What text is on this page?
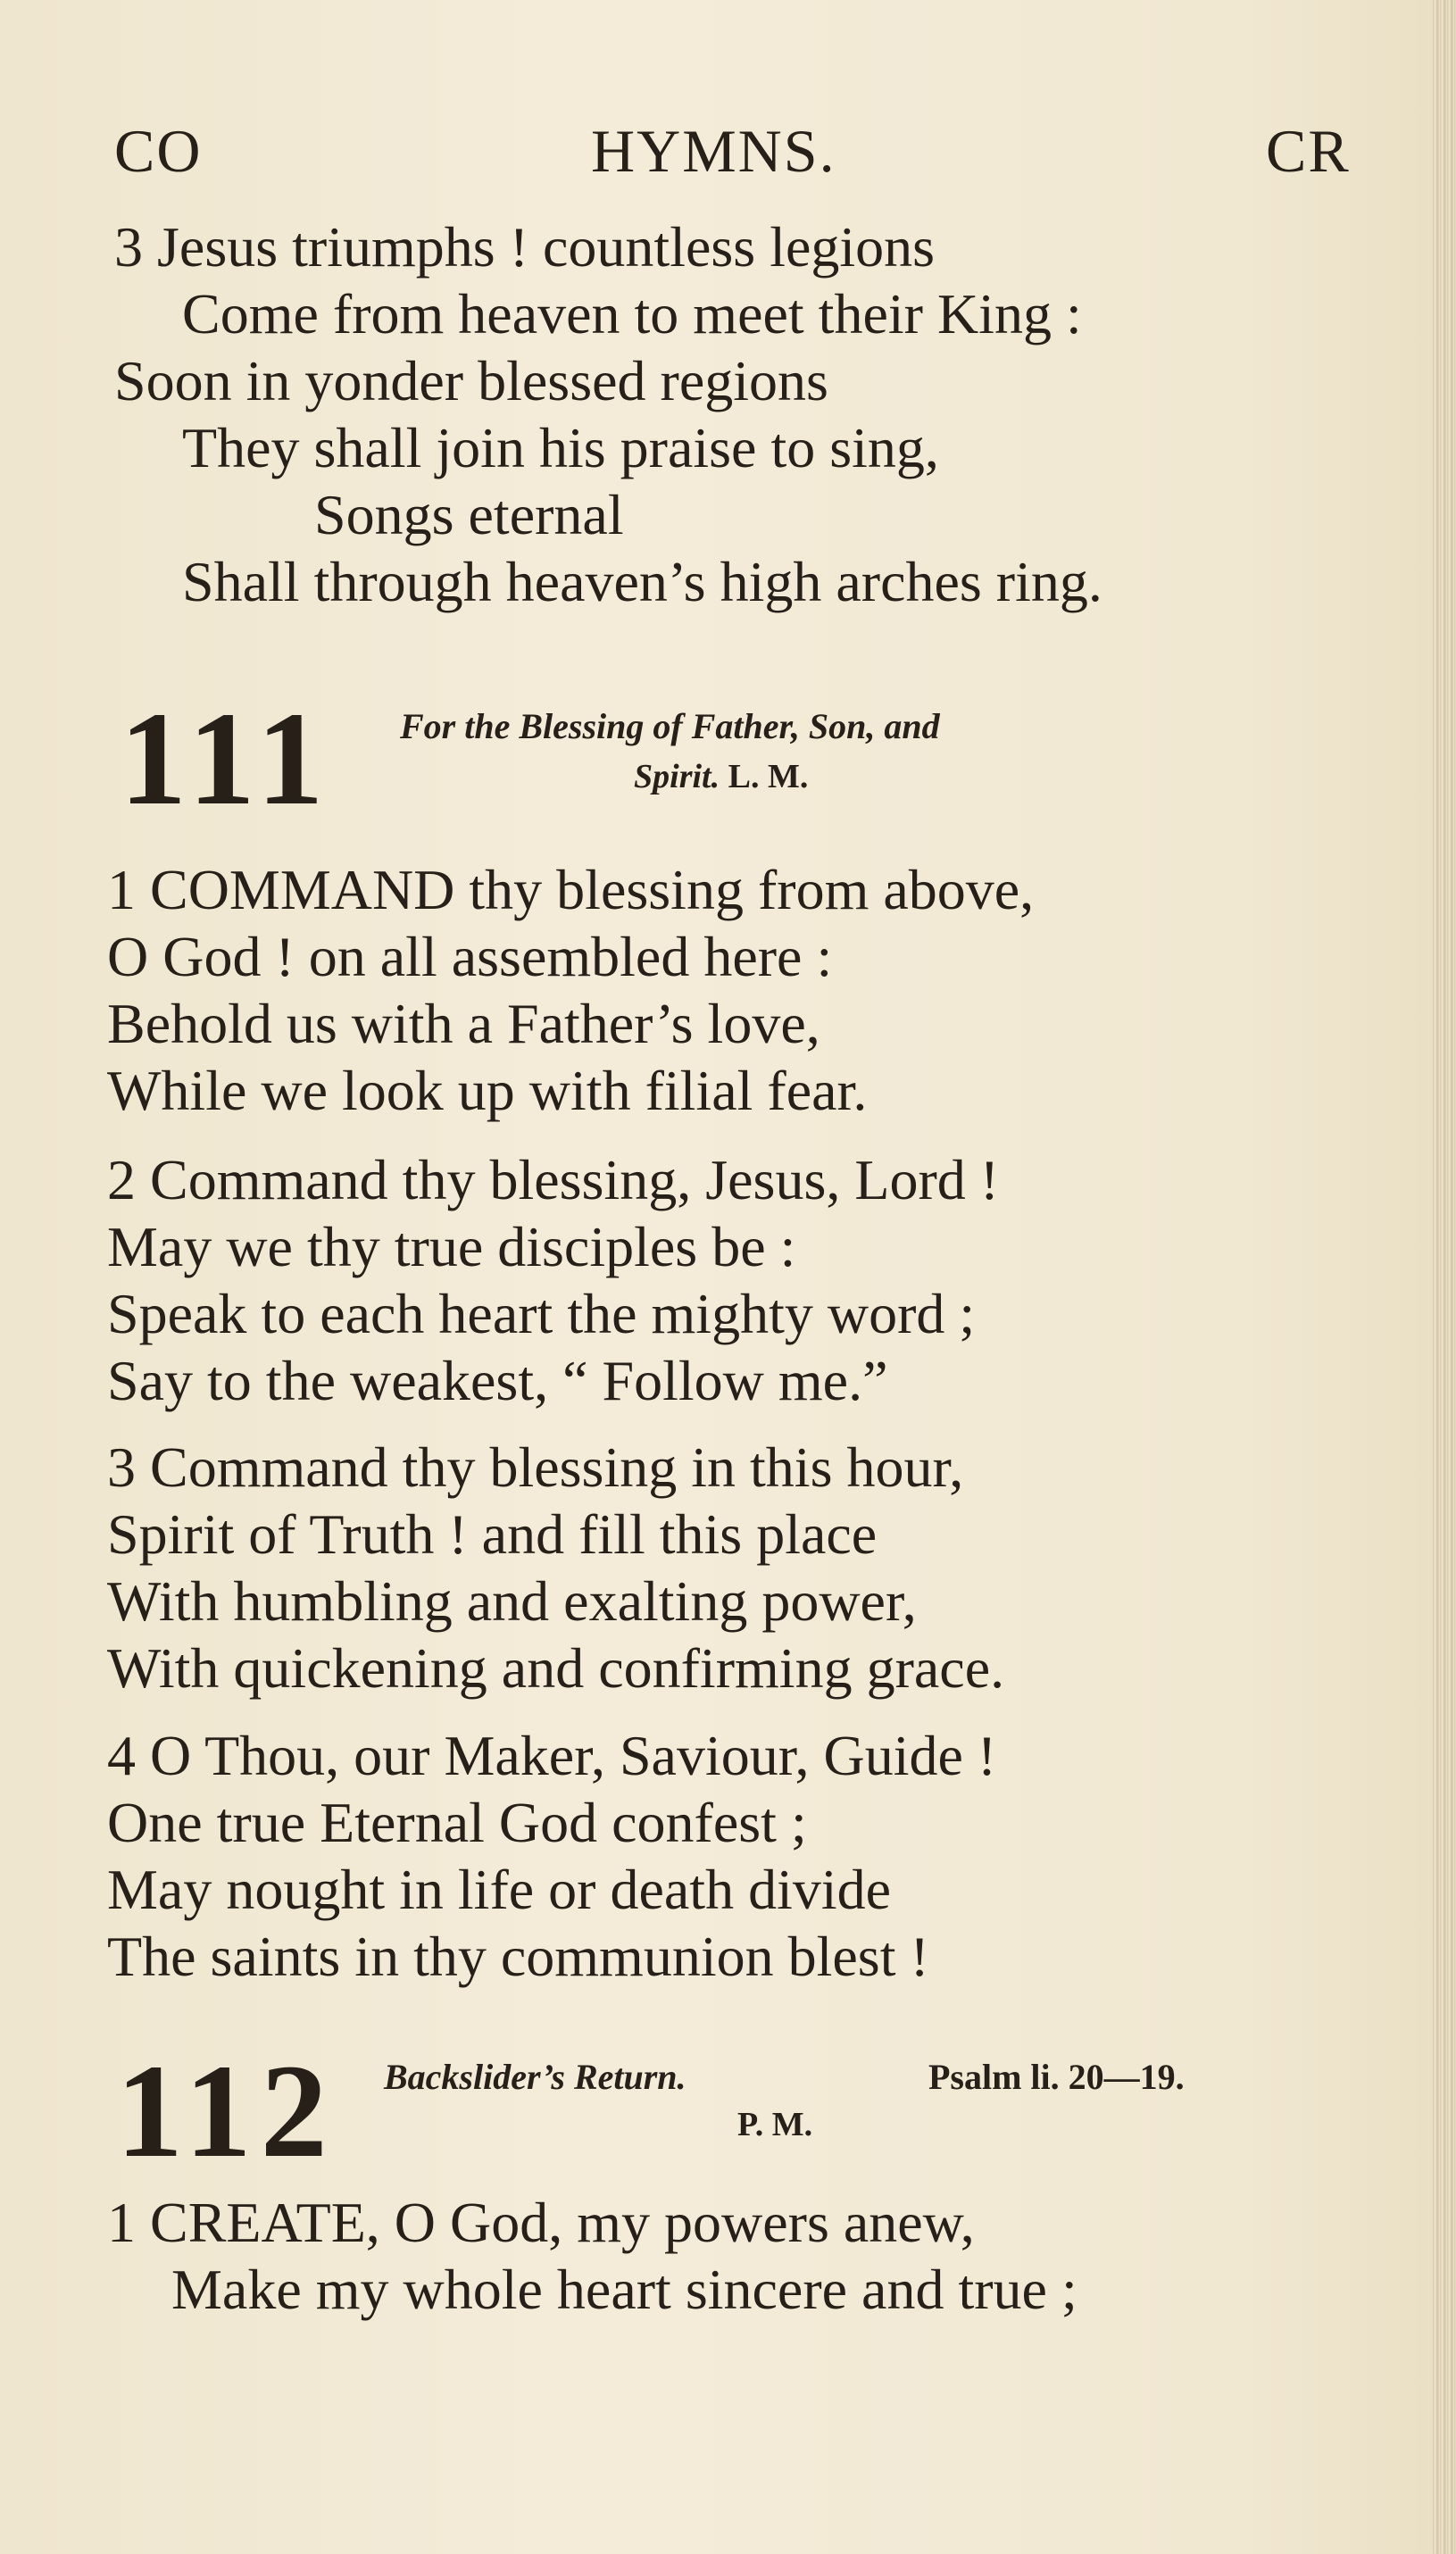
CO	HYMNS.	CR
3 Jesus triumphs ! countless legions
Come from heaven to meet their King :
Soon in yonder blessed regions
They shall join his praise to sing,
Songs eternal
Shall through heaven’s high arches ring.
111 For the Blessing of Father, Son, and
Spirit. L. M.
1 COMMAND thy blessing from above,
O God ! on all assembled here :
Behold us with a Father’s love,
While we look up with filial fear.
2 Command thy blessing, Jesus, Lord !
May we thy true disciples be :
Speak to each heart the mighty word ;
Say to the weakest, “ Follow me.”
3 Command thy blessing in this hour,
Spirit of Truth ! and fill this place
With humbling and exalting power,
With quickening and confirming grace.
4 O Thou, our Maker, Saviour, Guide !
One true Eternal God confest ;
May nought in life or death divide
The saints in thy communion blest !
112 Backslider’s Return.	Psalm li. 20—19.
P. M.
1 CREATE, O God, my powers anew,
Make my whole heart sincere and true ;
